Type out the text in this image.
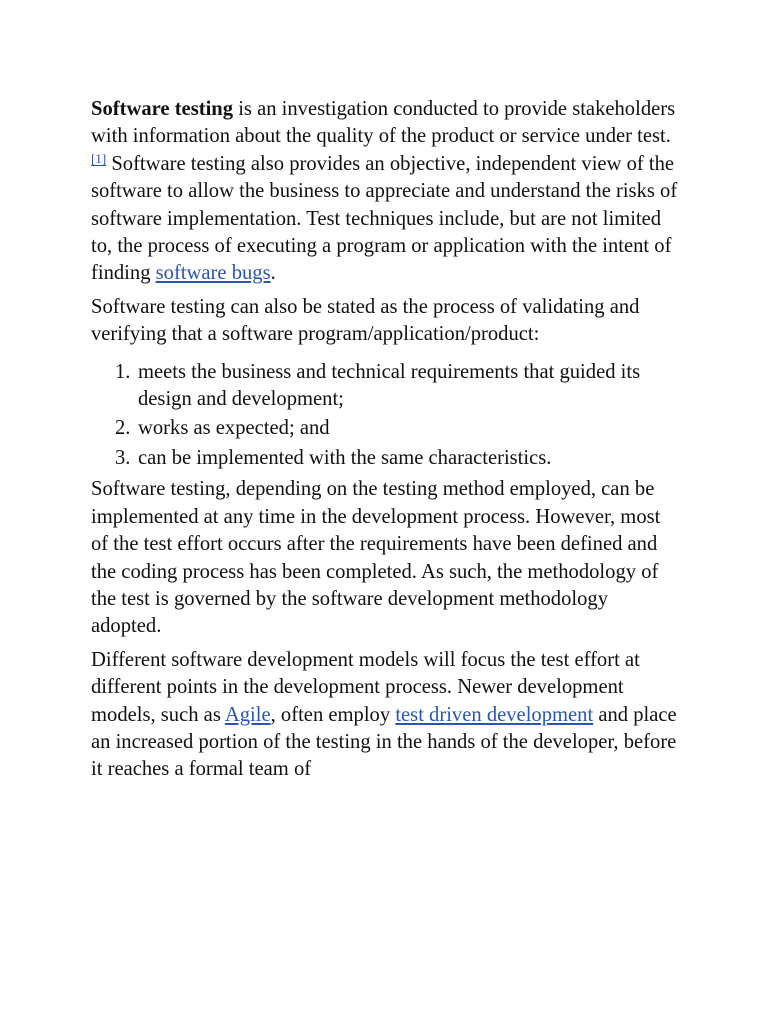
Software testing is an investigation conducted to provide stakeholders with information about the quality of the product or service under test.[1] Software testing also provides an objective, independent view of the software to allow the business to appreciate and understand the risks of software implementation. Test techniques include, but are not limited to, the process of executing a program or application with the intent of finding software bugs.

Software testing can also be stated as the process of validating and verifying that a software program/application/product:

1. meets the business and technical requirements that guided its design and development;
2. works as expected; and
3. can be implemented with the same characteristics.

Software testing, depending on the testing method employed, can be implemented at any time in the development process. However, most of the test effort occurs after the requirements have been defined and the coding process has been completed. As such, the methodology of the test is governed by the software development methodology adopted.

Different software development models will focus the test effort at different points in the development process. Newer development models, such as Agile, often employ test driven development and place an increased portion of the testing in the hands of the developer, before it reaches a formal team of
